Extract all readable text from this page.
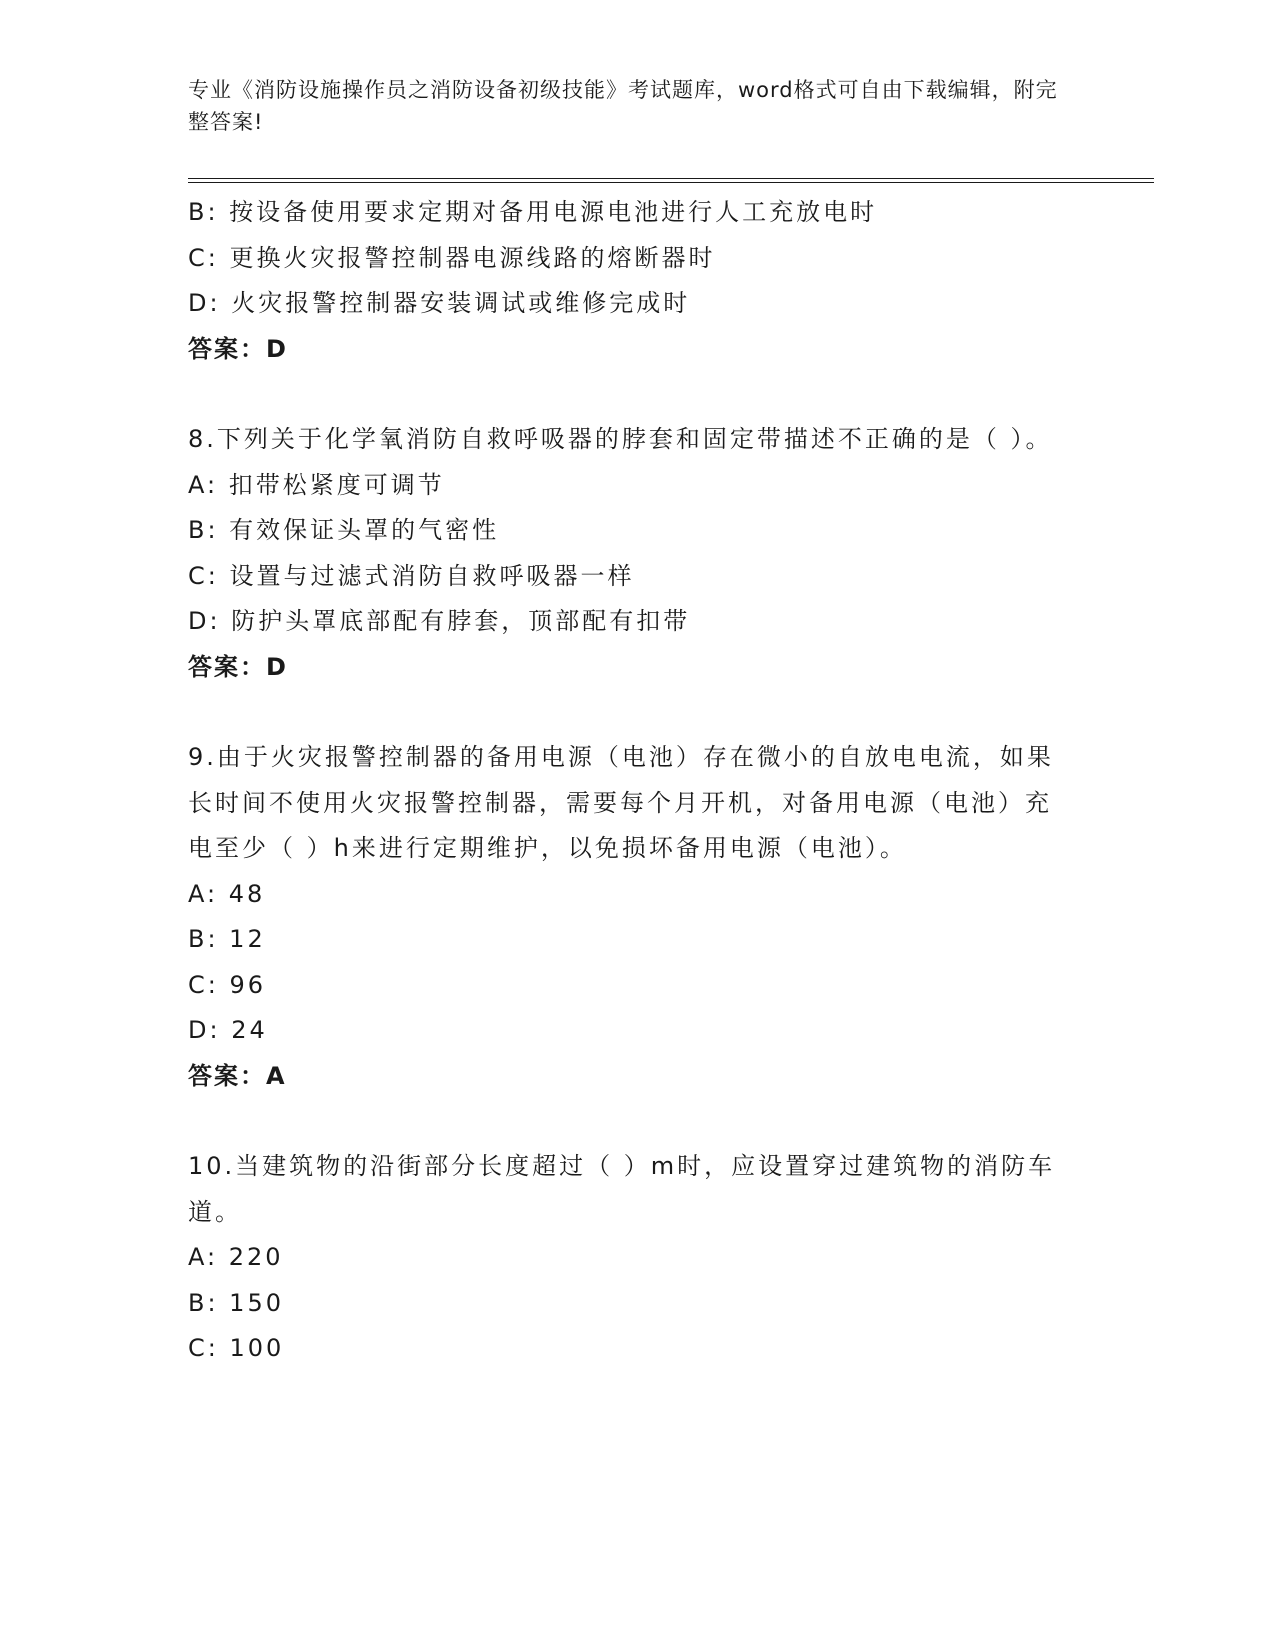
专业《消防设施操作员之消防设备初级技能》考试题库，word格式可自由下载编辑，附完整答案!
B: 按设备使用要求定期对备用电源电池进行人工充放电时
C: 更换火灾报警控制器电源线路的熔断器时
D: 火灾报警控制器安装调试或维修完成时
答案：D
8.下列关于化学氧消防自救呼吸器的脖套和固定带描述不正确的是（ ）。
A: 扣带松紧度可调节
B: 有效保证头罩的气密性
C: 设置与过滤式消防自救呼吸器一样
D: 防护头罩底部配有脖套，顶部配有扣带
答案：D
9.由于火灾报警控制器的备用电源（电池）存在微小的自放电电流，如果长时间不使用火灾报警控制器，需要每个月开机，对备用电源（电池）充电至少（ ）h来进行定期维护，以免损坏备用电源（电池）。
A: 48
B: 12
C: 96
D: 24
答案：A
10.当建筑物的沿街部分长度超过（ ）m时，应设置穿过建筑物的消防车道。
A: 220
B: 150
C: 100
